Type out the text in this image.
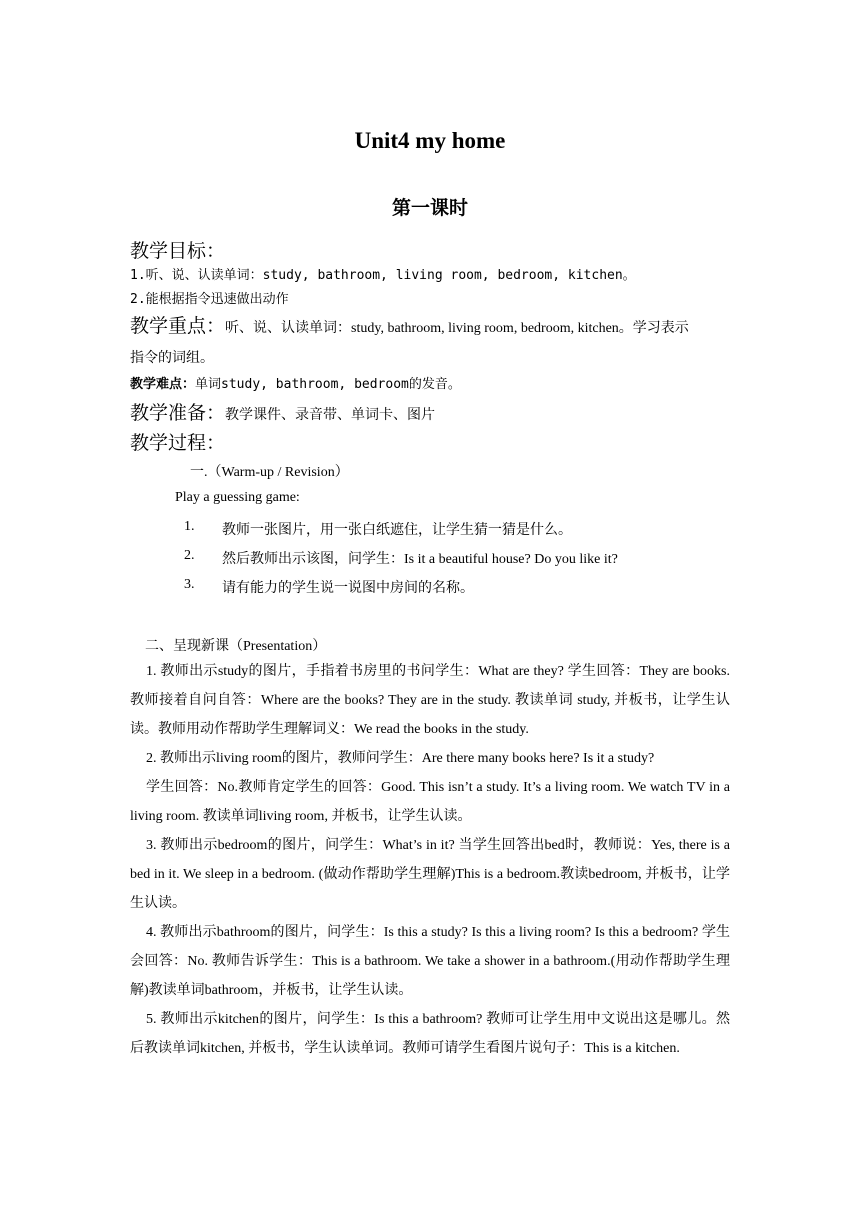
Unit4 my home
第一课时
教学目标：
1.听、说、认读单词：study, bathroom, living room, bedroom, kitchen。
2.能根据指令迅速做出动作
教学重点：听、说、认读单词：study, bathroom, living room, bedroom, kitchen。学习表示
指令的词组。
教学难点：单词study, bathroom, bedroom的发音。
教学准备：教学课件、录音带、单词卡、图片
教学过程：
一.（Warm-up / Revision）
Play a guessing game:
1. 教师一张图片，用一张白纸遮住，让学生猜一猜是什么。
2. 然后教师出示该图，问学生：Is it a beautiful house? Do you like it?
3. 请有能力的学生说一说图中房间的名称。
二、呈现新课（Presentation）
1. 教师出示study的图片，手指着书房里的书问学生：What are they? 学生回答：They are books. 教师接着自问自答：Where are the books? They are in the study. 教读单词 study, 并板书，让学生认读。教师用动作帮助学生理解词义：We read the books in the study.
2. 教师出示living room的图片，教师问学生：Are there many books here? Is it a study?
学生回答：No.教师肯定学生的回答：Good. This isn’t a study. It’s a living room. We watch TV in a living room. 教读单词living room, 并板书，让学生认读。
3. 教师出示bedroom的图片，问学生：What’s in it? 当学生回答出bed时，教师说：Yes, there is a bed in it. We sleep in a bedroom. (做动作帮助学生理解)This is a bedroom.教读bedroom, 并板书，让学生认读。
4. 教师出示bathroom的图片，问学生：Is this a study? Is this a living room? Is this a bedroom? 学生会回答：No. 教师告诉学生：This is a bathroom. We take a shower in a bathroom.(用动作帮助学生理解)教读单词bathroom，并板书，让学生认读。
5. 教师出示kitchen的图片，问学生：Is this a bathroom? 教师可让学生用中文说出这是哪儿。然后教读单词kitchen, 并板书，学生认读单词。教师可请学生看图片说句子：This is a kitchen.
